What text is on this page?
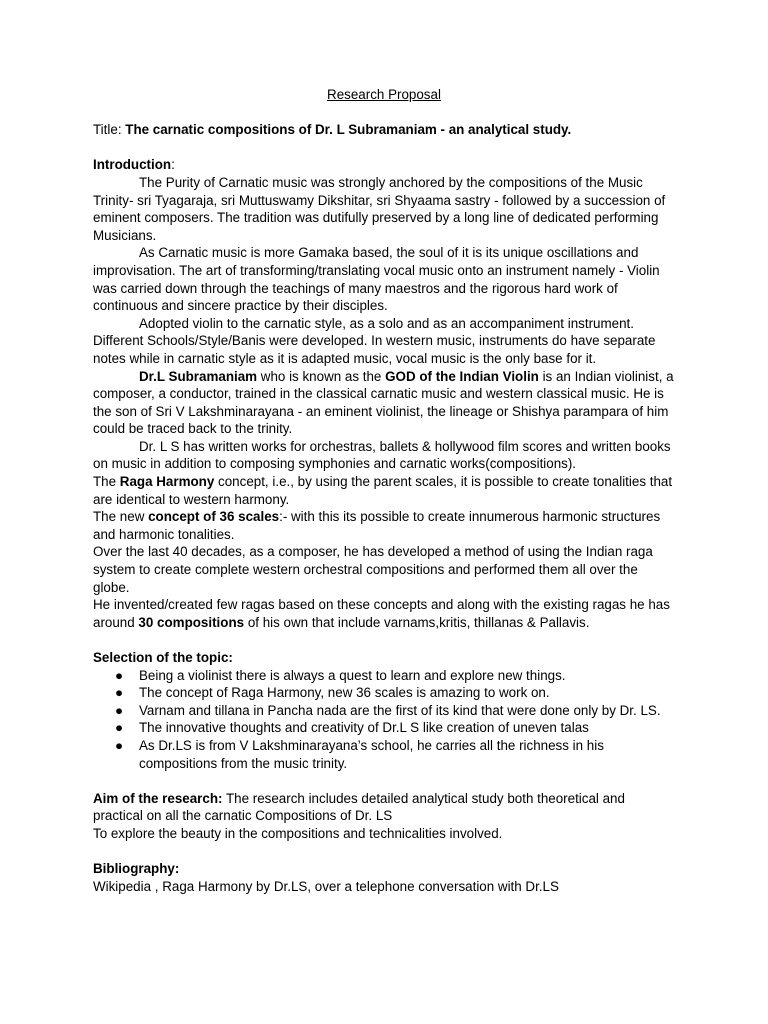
Research Proposal

Title: The carnatic compositions of Dr. L Subramaniam - an analytical study.

Introduction:

The Purity of Carnatic music was strongly anchored by the compositions of the Music Trinity- sri Tyagaraja, sri Muttuswamy Dikshitar, sri Shyaama sastry - followed by a succession of eminent composers. The tradition was dutifully preserved by a long line of dedicated performing Musicians.

As Carnatic music is more Gamaka based, the soul of it is its unique oscillations and improvisation. The art of transforming/translating vocal music onto an instrument namely - Violin was carried down through the teachings of many maestros and the rigorous hard work of continuous and sincere practice by their disciples.

Adopted violin to the carnatic style, as a solo and as an accompaniment instrument. Different Schools/Style/Banis were developed. In western music, instruments do have separate notes while in carnatic style as it is adapted music, vocal music is the only base for it.

Dr.L Subramaniam who is known as the GOD of the Indian Violin is an Indian violinist, a composer, a conductor, trained in the classical carnatic music and western classical music. He is the son of Sri V Lakshminarayana - an eminent violinist, the lineage or Shishya parampara of him could be traced back to the trinity.

Dr. L S has written works for orchestras, ballets & hollywood film scores and written books on music in addition to composing symphonies and carnatic works(compositions).

The Raga Harmony concept, i.e., by using the parent scales, it is possible to create tonalities that are identical to western harmony.

The new concept of 36 scales:- with this its possible to create innumerous harmonic structures and harmonic tonalities.

Over the last 40 decades, as a composer, he has developed a method of using the Indian raga system to create complete western orchestral compositions and performed them all over the globe.

He invented/created few ragas based on these concepts and along with the existing ragas he has around 30 compositions of his own that include varnams,kritis, thillanas & Pallavis.

Selection of the topic:

● Being a violinist there is always a quest to learn and explore new things.
● The concept of Raga Harmony, new 36 scales is amazing to work on.
● Varnam and tillana in Pancha nada are the first of its kind that were done only by Dr. LS.
● The innovative thoughts and creativity of Dr.L S like creation of uneven talas
● As Dr.LS is from V Lakshminarayana’s school, he carries all the richness in his compositions from the music trinity.

Aim of the research: The research includes detailed analytical study both theoretical and practical on all the carnatic Compositions of Dr. LS

To explore the beauty in the compositions and technicalities involved.

Bibliography:

Wikipedia , Raga Harmony by Dr.LS, over a telephone conversation with Dr.LS
